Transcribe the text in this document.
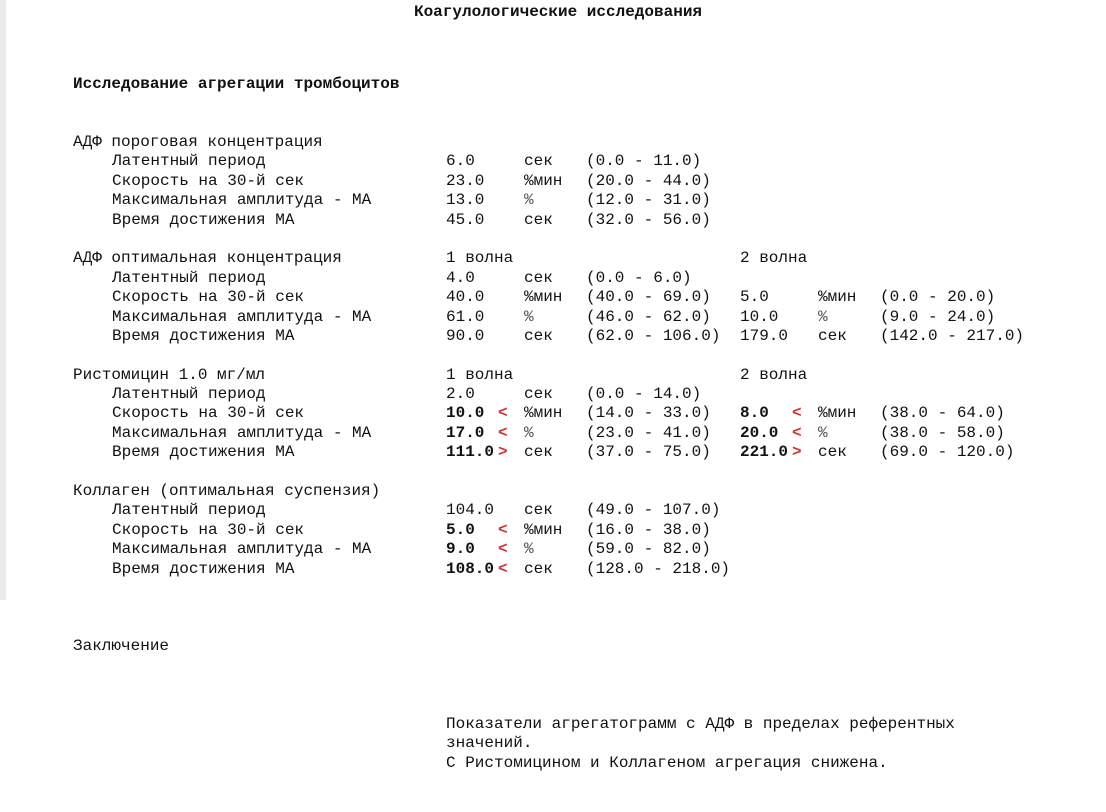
Коагулологические исследования

Исследование агрегации тромбоцитов

АДФ пороговая концентрация
Латентный период	6.0	сек (0.0 - 11.0)
Скорость на 30-й сек	23.0 %мин (20.0 - 44.0)
Максимальная амплитуда - МА	13.0 %	(12.0 - 31.0)
Время достижения МА	45.0 сек (32.0 - 56.0)
АДФ оптимальная концентрация	1 волна	2 волна
Латентный период	4.0	сек (0.0 - 6.0)
Скорость на 30-й сек	40.0 %мин (40.0 - 69.0) 5.0	%мин (0.0 - 20.0)
Максимальная амплитуда - МА	61.0 %	(46.0 - 62.0) 10.0 %	(9.0 - 24.0)
Время достижения МА	90.0 сек (62.0 - 106.0) 179.0 сек (142.0 - 217.0)
Ристомицин 1.0 мг/мл	1 волна	2 волна
Латентный период	2.0	сек (0.0 - 14.0)
Скорость на 30-й сек	10.0 < %мин (14.0 - 33.0) 8.0 < %мин (38.0 - 64.0)
Максимальная амплитуда - МА	17.0 < %	(23.0 - 41.0) 20.0 < %	(38.0 - 58.0)
Время достижения МА	111.0 > сек (37.0 - 75.0) 221.0 > сек (69.0 - 120.0)
Коллаген (оптимальная суспензия)
Латентный период	104.0 сек (49.0 - 107.0)
Скорость на 30-й сек	5.0 < %мин (16.0 - 38.0)
Максимальная амплитуда - МА	9.0 < %	(59.0 - 82.0)
Время достижения МА	108.0 < сек (128.0 - 218.0)

Заключение

Показатели агрегатограмм с АДФ в пределах референтных
значений.
С Ристомицином и Коллагеном агрегация снижена.
